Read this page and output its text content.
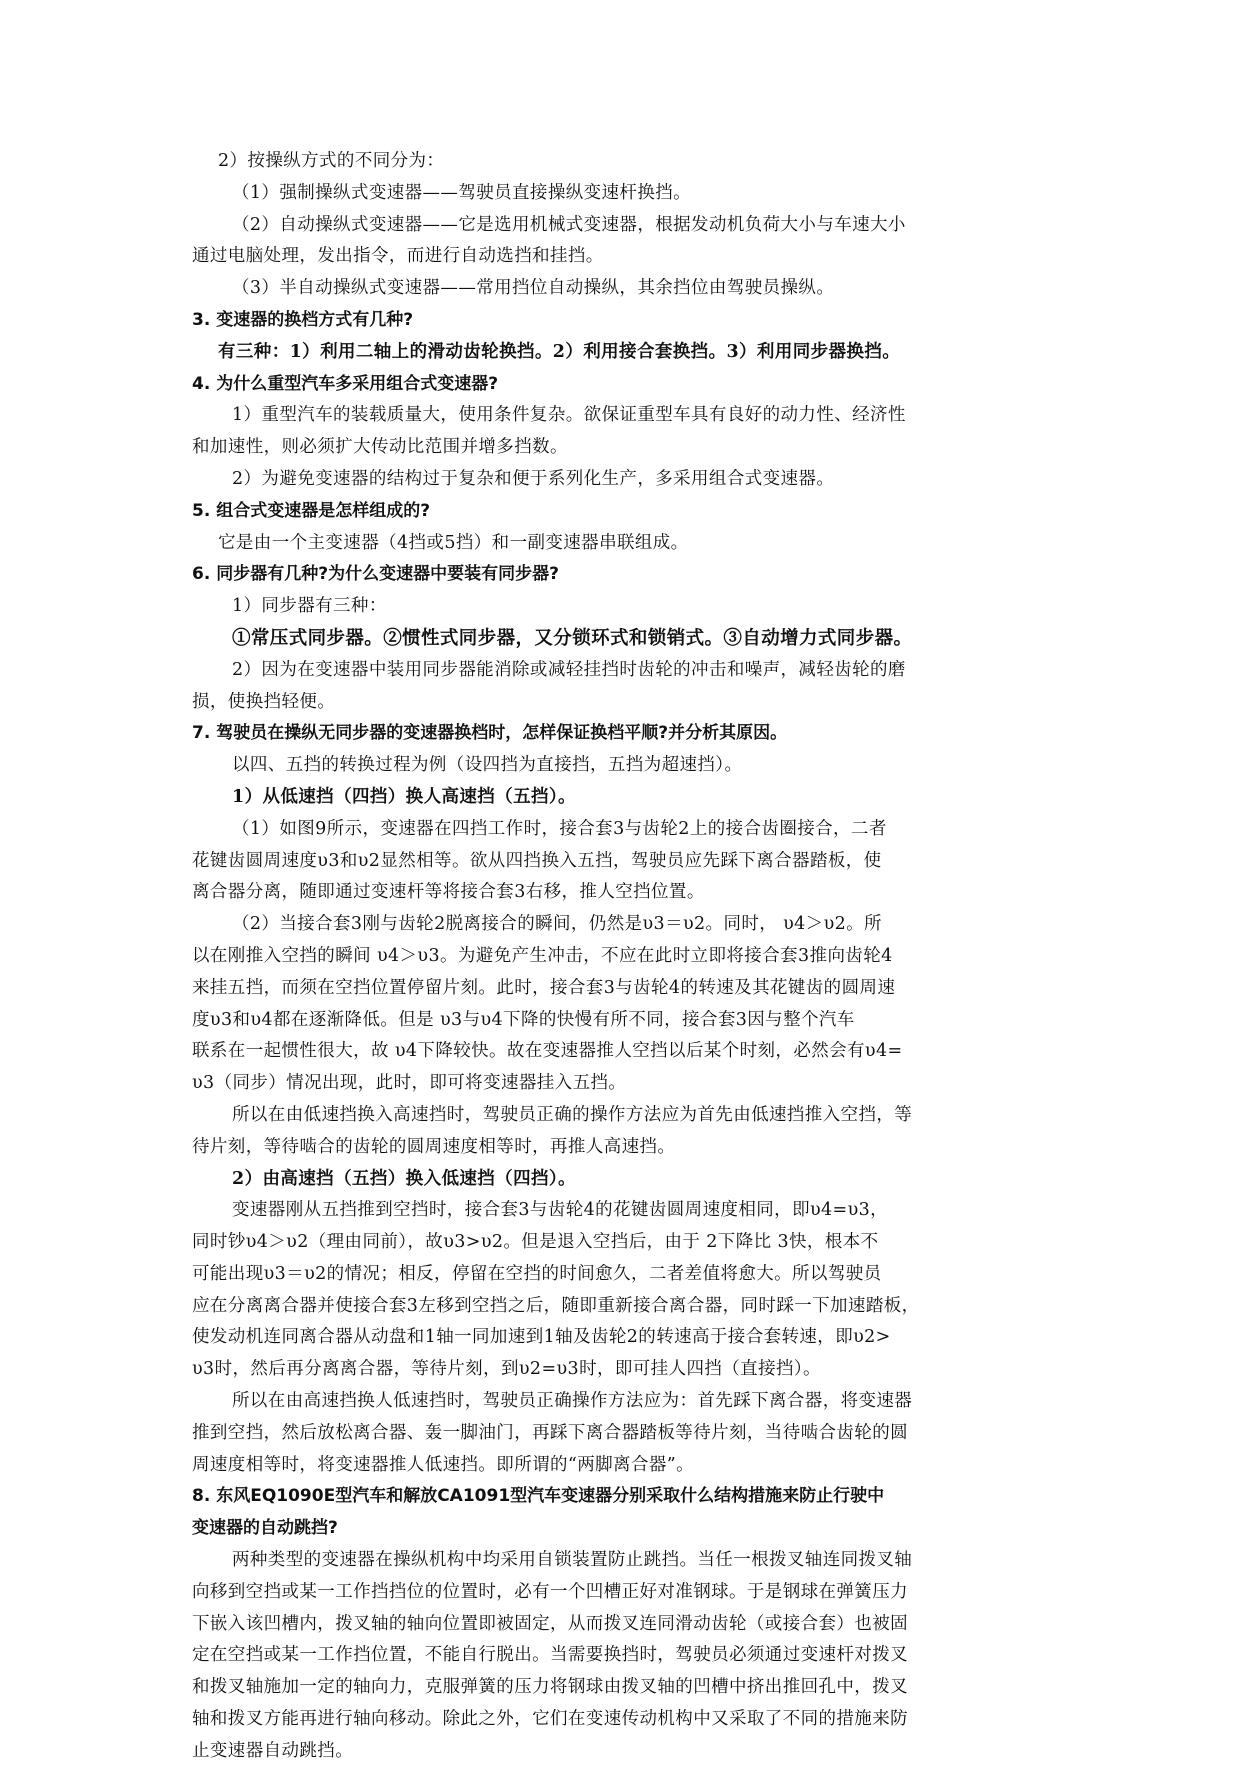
2）按操纵方式的不同分为：
（1）强制操纵式变速器——驾驶员直接操纵变速杆换挡。
（2）自动操纵式变速器——它是选用机械式变速器，根据发动机负荷大小与车速大小
通过电脑处理，发出指令，而进行自动选挡和挂挡。
（3）半自动操纵式变速器——常用挡位自动操纵，其余挡位由驾驶员操纵。
3. 变速器的换档方式有几种?
有三种：1）利用二轴上的滑动齿轮换挡。2）利用接合套换挡。3）利用同步器换挡。
4. 为什么重型汽车多采用组合式变速器?
1）重型汽车的装载质量大，使用条件复杂。欲保证重型车具有良好的动力性、经济性
和加速性，则必须扩大传动比范围并增多挡数。
2）为避免变速器的结构过于复杂和便于系列化生产，多采用组合式变速器。
5. 组合式变速器是怎样组成的?
它是由一个主变速器（4挡或5挡）和一副变速器串联组成。
6. 同步器有几种?为什么变速器中要装有同步器?
1）同步器有三种：
①常压式同步器。②惯性式同步器，又分锁环式和锁销式。③自动增力式同步器。
2）因为在变速器中装用同步器能消除或减轻挂挡时齿轮的冲击和噪声，减轻齿轮的磨
损，使换挡轻便。
7. 驾驶员在操纵无同步器的变速器换档时，怎样保证换档平顺?并分析其原因。
以四、五挡的转换过程为例（设四挡为直接挡，五挡为超速挡）。
1）从低速挡（四挡）换人高速挡（五挡）。
（1）如图9所示，变速器在四挡工作时，接合套3与齿轮2上的接合齿圈接合，二者
花键齿圆周速度υ3和υ2显然相等。欲从四挡换入五挡，驾驶员应先踩下离合器踏板，使
离合器分离，随即通过变速杆等将接合套3右移，推人空挡位置。
（2）当接合套3刚与齿轮2脱离接合的瞬间，仍然是υ3＝υ2。同时， υ4＞υ2。所
以在刚推入空挡的瞬间 υ4＞υ3。为避免产生冲击，不应在此时立即将接合套3推向齿轮4
来挂五挡，而须在空挡位置停留片刻。此时，接合套3与齿轮4的转速及其花键齿的圆周速
度υ3和υ4都在逐渐降低。但是 υ3与υ4下降的快慢有所不同，接合套3因与整个汽车
联系在一起惯性很大，故 υ4下降较快。故在变速器推人空挡以后某个时刻，必然会有υ4=
υ3（同步）情况出现，此时，即可将变速器挂入五挡。
所以在由低速挡换入高速挡时，驾驶员正确的操作方法应为首先由低速挡推入空挡，等
待片刻，等待啮合的齿轮的圆周速度相等时，再推人高速挡。
2）由高速挡（五挡）换入低速挡（四挡）。
变速器刚从五挡推到空挡时，接合套3与齿轮4的花键齿圆周速度相同，即υ4=υ3，
同时钞υ4＞υ2（理由同前），故υ3>υ2。但是退入空挡后，由于 2下降比 3快，根本不
可能出现υ3＝υ2的情况；相反，停留在空挡的时间愈久，二者差值将愈大。所以驾驶员
应在分离离合器并使接合套3左移到空挡之后，随即重新接合离合器，同时踩一下加速踏板，
使发动机连同离合器从动盘和1轴一同加速到1轴及齿轮2的转速高于接合套转速，即υ2>
υ3时，然后再分离离合器，等待片刻，到υ2=υ3时，即可挂人四挡（直接挡）。
所以在由高速挡换人低速挡时，驾驶员正确操作方法应为：首先踩下离合器，将变速器
推到空挡，然后放松离合器、轰一脚油门，再踩下离合器踏板等待片刻，当待啮合齿轮的圆
周速度相等时，将变速器推人低速挡。即所谓的“两脚离合器”。
8. 东风EQ1090E型汽车和解放CA1091型汽车变速器分别采取什么结构措施来防止行驶中
变速器的自动跳挡?
两种类型的变速器在操纵机构中均采用自锁装置防止跳挡。当任一根拨叉轴连同拨叉轴
向移到空挡或某一工作挡挡位的位置时，必有一个凹槽正好对准钢球。于是钢球在弹簧压力
下嵌入该凹槽内，拨叉轴的轴向位置即被固定，从而拨叉连同滑动齿轮（或接合套）也被固
定在空挡或某一工作挡位置，不能自行脱出。当需要换挡时，驾驶员必须通过变速杆对拨叉
和拨叉轴施加一定的轴向力，克服弹簧的压力将钢球由拨叉轴的凹槽中挤出推回孔中，拨叉
轴和拨叉方能再进行轴向移动。除此之外，它们在变速传动机构中又采取了不同的措施来防
止变速器自动跳挡。
